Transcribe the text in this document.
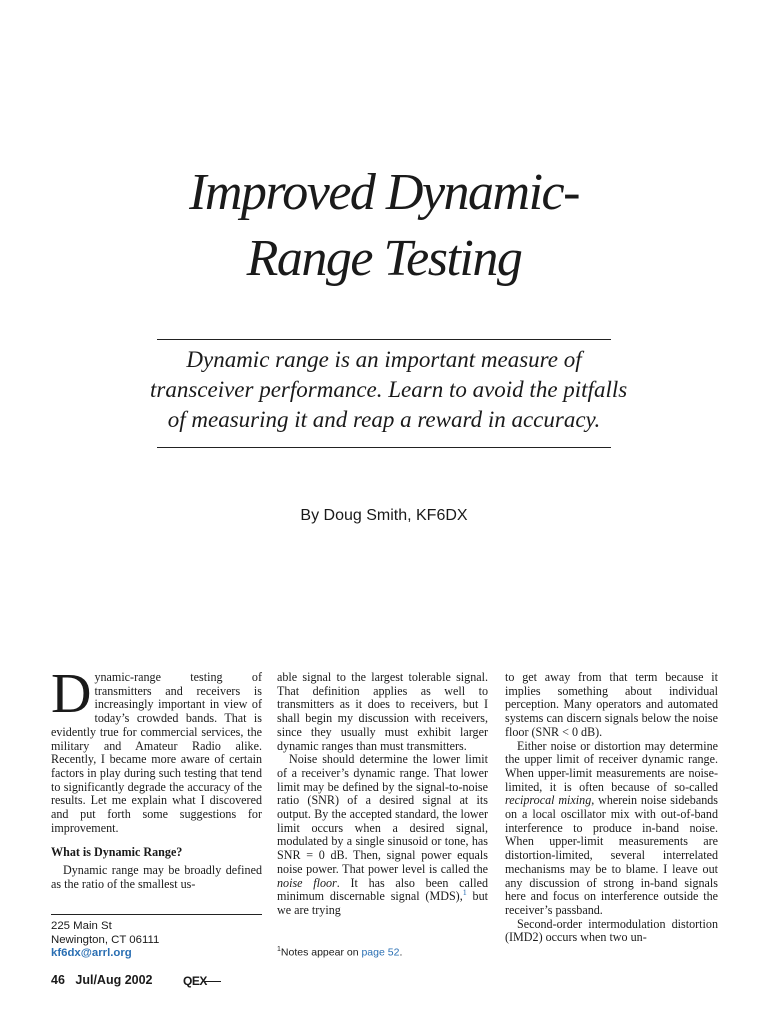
Improved Dynamic-
Range Testing
Dynamic range is an important measure of
transceiver performance. Learn to avoid the pitfalls
of measuring it and reap a reward in accuracy.
By Doug Smith, KF6DX

Dynamic-range testing of transmitters and receivers is increasingly important in view of today’s crowded bands. That is evidently true for commercial services, the military and Amateur Radio alike. Recently, I became more aware of certain factors in play during such testing that tend to significantly degrade the accuracy of the results. Let me explain what I discovered and put forth some suggestions for improvement.

What is Dynamic Range?

Dynamic range may be broadly defined as the ratio of the smallest us-

able signal to the largest tolerable signal. That definition applies as well to transmitters as it does to receivers, but I shall begin my discussion with receivers, since they usually must exhibit larger dynamic ranges than must transmitters.

Noise should determine the lower limit of a receiver’s dynamic range. That lower limit may be defined by the signal-to-noise ratio (SNR) of a desired signal at its output. By the accepted standard, the lower limit occurs when a desired signal, modulated by a single sinusoid or tone, has SNR = 0 dB. Then, signal power equals noise power. That power level is called the noise floor. It has also been called minimum discernable signal (MDS),$^1$ but we are trying

to get away from that term because it implies something about individual perception. Many operators and automated systems can discern signals below the noise floor (SNR < 0 dB).

Either noise or distortion may determine the upper limit of receiver dynamic range. When upper-limit measurements are noise-limited, it is often because of so-called reciprocal mixing, wherein noise sidebands on a local oscillator mix with out-of-band interference to produce in-band noise. When upper-limit measurements are distortion-limited, several interrelated mechanisms may be to blame. I leave out any discussion of strong in-band signals here and focus on interference outside the receiver’s passband.

Second-order intermodulation distortion (IMD2) occurs when two un-

225 Main St
Newington, CT 06111
kf6dx@arrl.org	$^1$Notes appear on page 52.
46 Jul/Aug 2002	QEX
